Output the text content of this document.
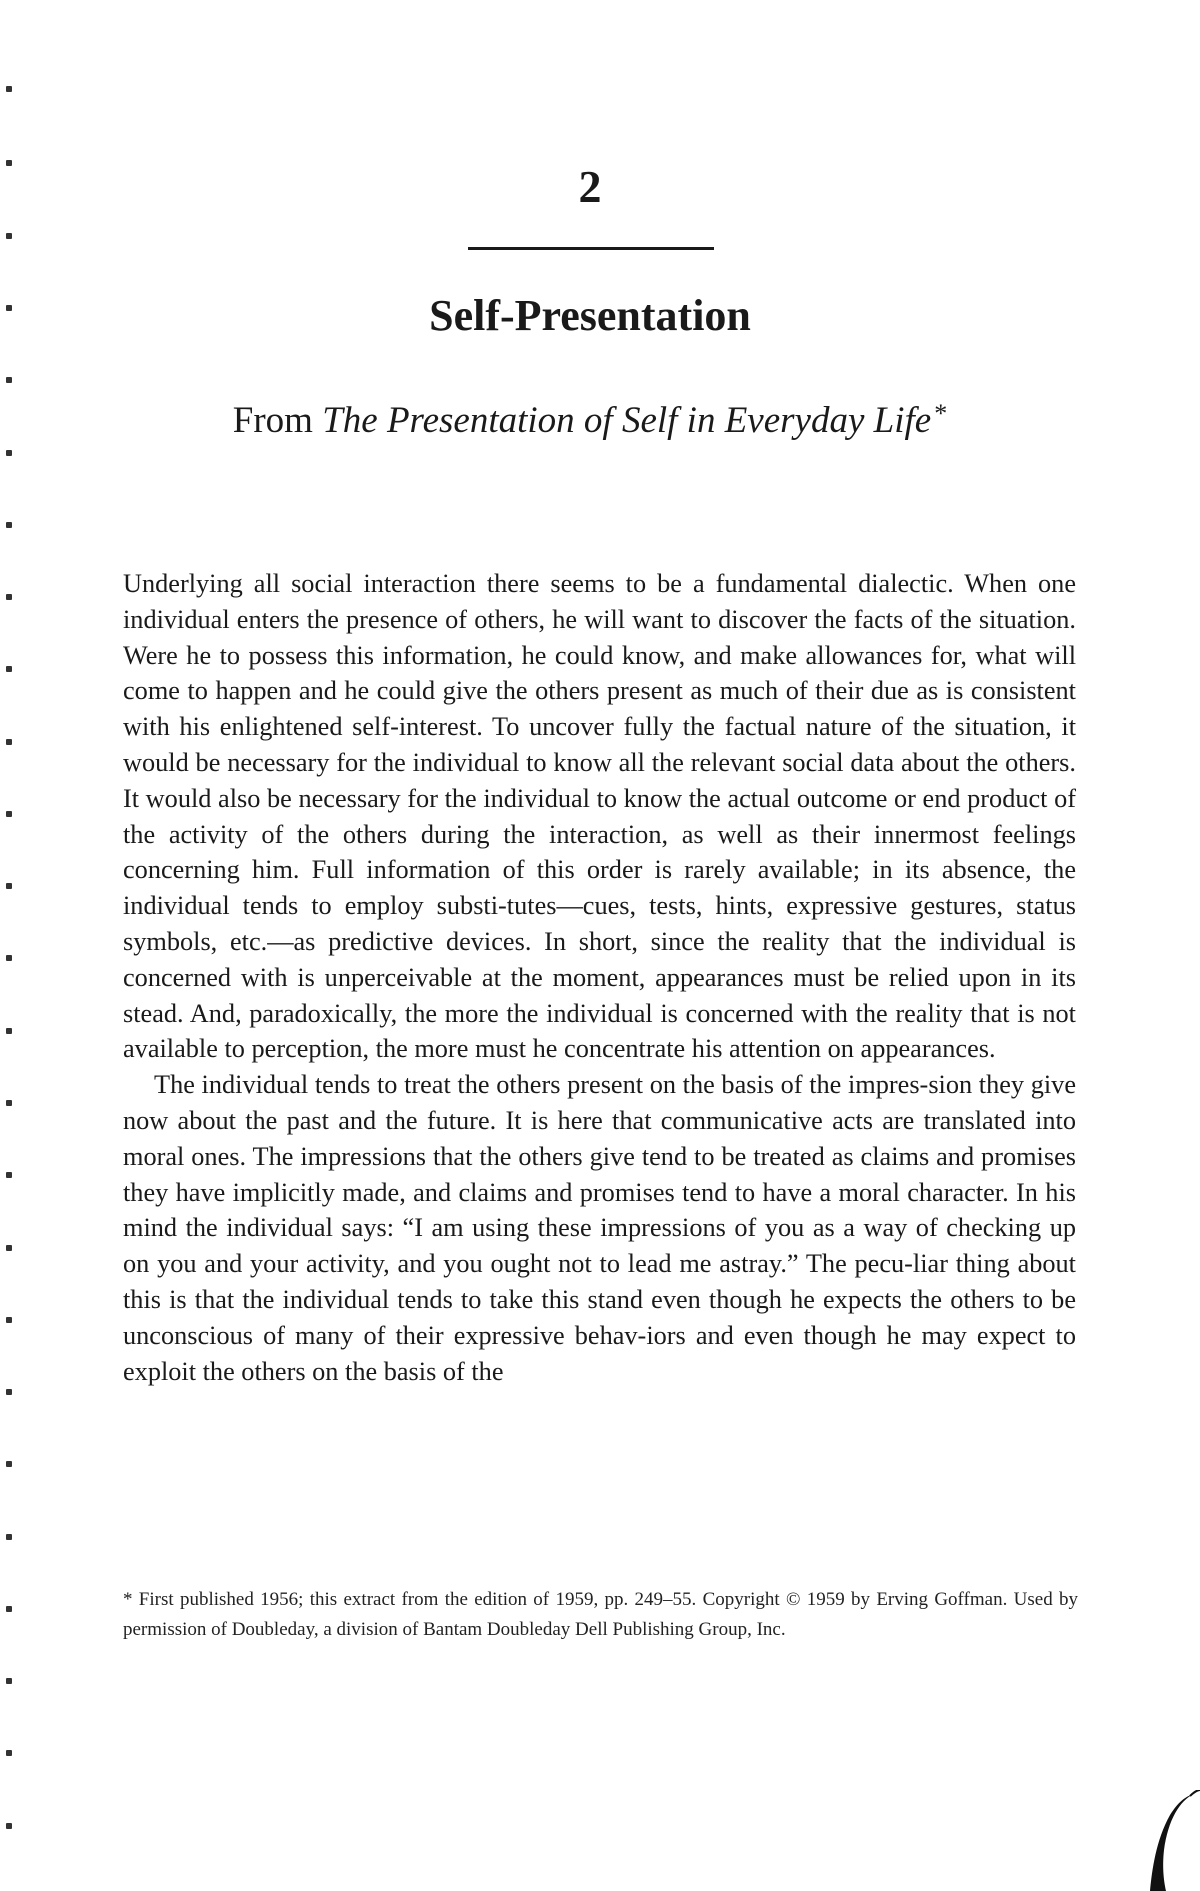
2
Self-Presentation
From The Presentation of Self in Everyday Life *

Underlying all social interaction there seems to be a fundamental dialectic. When one individual enters the presence of others, he will want to discover the facts of the situation. Were he to possess this information, he could know, and make allowances for, what will come to happen and he could give the others present as much of their due as is consistent with his enlightened self-interest. To uncover fully the factual nature of the situation, it would be necessary for the individual to know all the relevant social data about the others. It would also be necessary for the individual to know the actual outcome or end product of the activity of the others during the interaction, as well as their innermost feelings concerning him. Full information of this order is rarely available; in its absence, the individual tends to employ substi-tutes—cues, tests, hints, expressive gestures, status symbols, etc.—as predictive devices. In short, since the reality that the individual is concerned with is unperceivable at the moment, appearances must be relied upon in its stead. And, paradoxically, the more the individual is concerned with the reality that is not available to perception, the more must he concentrate his attention on appearances.

The individual tends to treat the others present on the basis of the impres-sion they give now about the past and the future. It is here that communicative acts are translated into moral ones. The impressions that the others give tend to be treated as claims and promises they have implicitly made, and claims and promises tend to have a moral character. In his mind the individual says: “I am using these impressions of you as a way of checking up on you and your activity, and you ought not to lead me astray.” The pecu-liar thing about this is that the individual tends to take this stand even though he expects the others to be unconscious of many of their expressive behav-iors and even though he may expect to exploit the others on the basis of the

* First published 1956; this extract from the edition of 1959, pp. 249–55. Copyright © 1959 by Erving Goffman. Used by permission of Doubleday, a division of Bantam Doubleday Dell Publishing Group, Inc.
